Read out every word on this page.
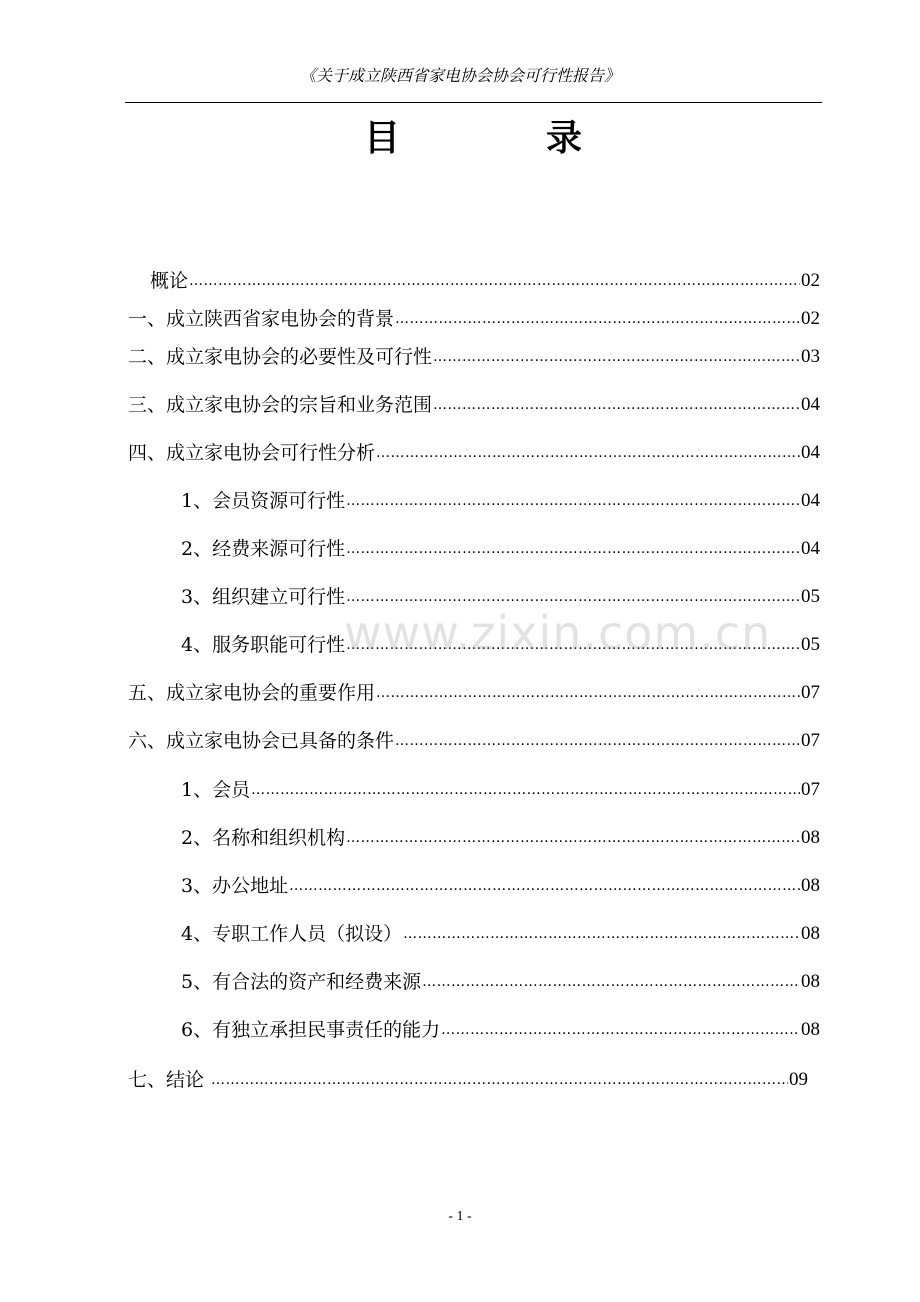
《关于成立陕西省家电协会协会可行性报告》
目	录
概论 …………………………………………………………………………………………………………………………………………………………………………………………	02
一、成立陕西省家电协会的背景 …………………………………………………………………………………………………………………………………………………………………………………………	02
二、成立家电协会的必要性及可行性 …………………………………………………………………………………………………………………………………………………………………………………………	03
三、成立家电协会的宗旨和业务范围 …………………………………………………………………………………………………………………………………………………………………………………………	04
四、成立家电协会可行性分析 …………………………………………………………………………………………………………………………………………………………………………………………	04
1、会员资源可行性 …………………………………………………………………………………………………………………………………………………………………………………………	04
2、经费来源可行性 …………………………………………………………………………………………………………………………………………………………………………………………	04
3、组织建立可行性 …………………………………………………………………………………………………………………………………………………………………………………………	05
4、服务职能可行性 …………………………………………………………………………………………………………………………………………………………………………………………	05
五、成立家电协会的重要作用 …………………………………………………………………………………………………………………………………………………………………………………………	07
六、成立家电协会已具备的条件 …………………………………………………………………………………………………………………………………………………………………………………………	07
1、会员 …………………………………………………………………………………………………………………………………………………………………………………………	07
2、名称和组织机构 …………………………………………………………………………………………………………………………………………………………………………………………	08
3、办公地址 …………………………………………………………………………………………………………………………………………………………………………………………	08
4、专职工作人员（拟设） …………………………………………………………………………………………………………………………………………………………………………………………	08
5、有合法的资产和经费来源 …………………………………………………………………………………………………………………………………………………………………………………………	08
6、有独立承担民事责任的能力 …………………………………………………………………………………………………………………………………………………………………………………………	08
七、结论 …………………………………………………………………………………………………………………………………………………………………………………………	09
www.zixin.com.cn
- 1 -
